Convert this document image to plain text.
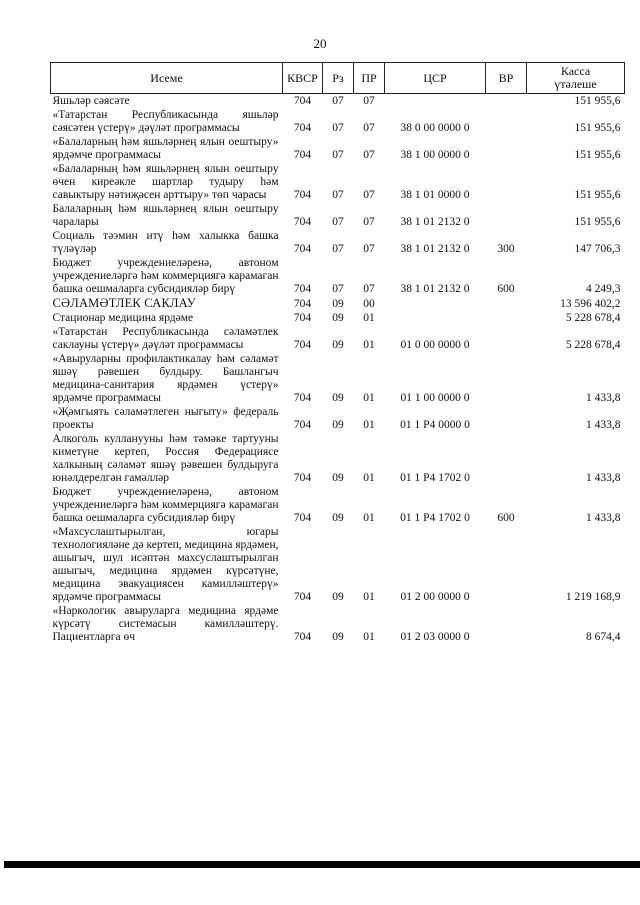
20
Исеме	КВСР	Рз	ПР	ЦСР	ВР	Касса
үтәлеше
Яшьләр сәясәте	704	07	07			151 955,6
«Татарстан Республикасында яшьләр сәясәтен үстерү» дәүләт программасы	704	07	07	38 0 00 0000 0		151 955,6
«Балаларның һәм яшьләрнең ялын оештыру» ярдәмче программасы	704	07	07	38 1 00 0000 0		151 955,6
«Балаларның һәм яшьләрнең ялын оештыру өчен киреәкле шартлар тудыру һәм савыктыру нәтиҗәсен арттыру» төп чарасы	704	07	07	38 1 01 0000 0		151 955,6
Балаларның һәм яшьләрнең ялын оештыру чаралары	704	07	07	38 1 01 2132 0		151 955,6
Социаль тәэмин итү һәм халыкка башка түләүләр	704	07	07	38 1 01 2132 0	300	147 706,3
Бюджет учреждениеләренә, автоном учреждениеләргә һәм коммерциягә карамаган башка оешмаларга субсидияләр бирү	704	07	07	38 1 01 2132 0	600	4 249,3
СӘЛАМӘТЛЕК САКЛАУ	704	09	00			13 596 402,2
Стационар медицина ярдәме	704	09	01			5 228 678,4
«Татарстан Республикасында сәламәтлек саклауны үстерү» дәүләт программасы	704	09	01	01 0 00 0000 0		5 228 678,4
«Авыруларны профилактикалау һәм сәламәт яшәү рәвешен булдыру. Башлангыч медицина-санитария ярдәмен үстерү» ярдәмче программасы	704	09	01	01 1 00 0000 0		1 433,8
«Җәмгыять сәламәтлеген ныгыту» федераль проекты	704	09	01	01 1 P4 0000 0		1 433,8
Алкоголь кулланууны һәм тәмәке тартууны киметүне кертеп, Россия Федерациясе халкының сәламәт яшәү рәвешен булдыруга юнәлдерелгән гамәлләр	704	09	01	01 1 P4 1702 0		1 433,8
Бюджет учреждениеләренә, автоном учреждениеләргә һәм коммерциягә карамаган башка оешмаларга субсидияләр бирү	704	09	01	01 1 P4 1702 0	600	1 433,8
«Махсуслаштырылган, югары технологияләне дә кертеп, медицина ярдәмен, ашыгыч, шул исәптән махсуслаштырылган ашыгыч, медицина ярдәмен күрсәтүне, медицина эвакуациясен камилләштерү» ярдәмче программасы	704	09	01	01 2 00 0000 0		1 219 168,9
«Наркологик авыруларга медицина ярдәме күрсәтү системасын камилләштерү. Пациентларга өч	704	09	01	01 2 03 0000 0		8 674,4
